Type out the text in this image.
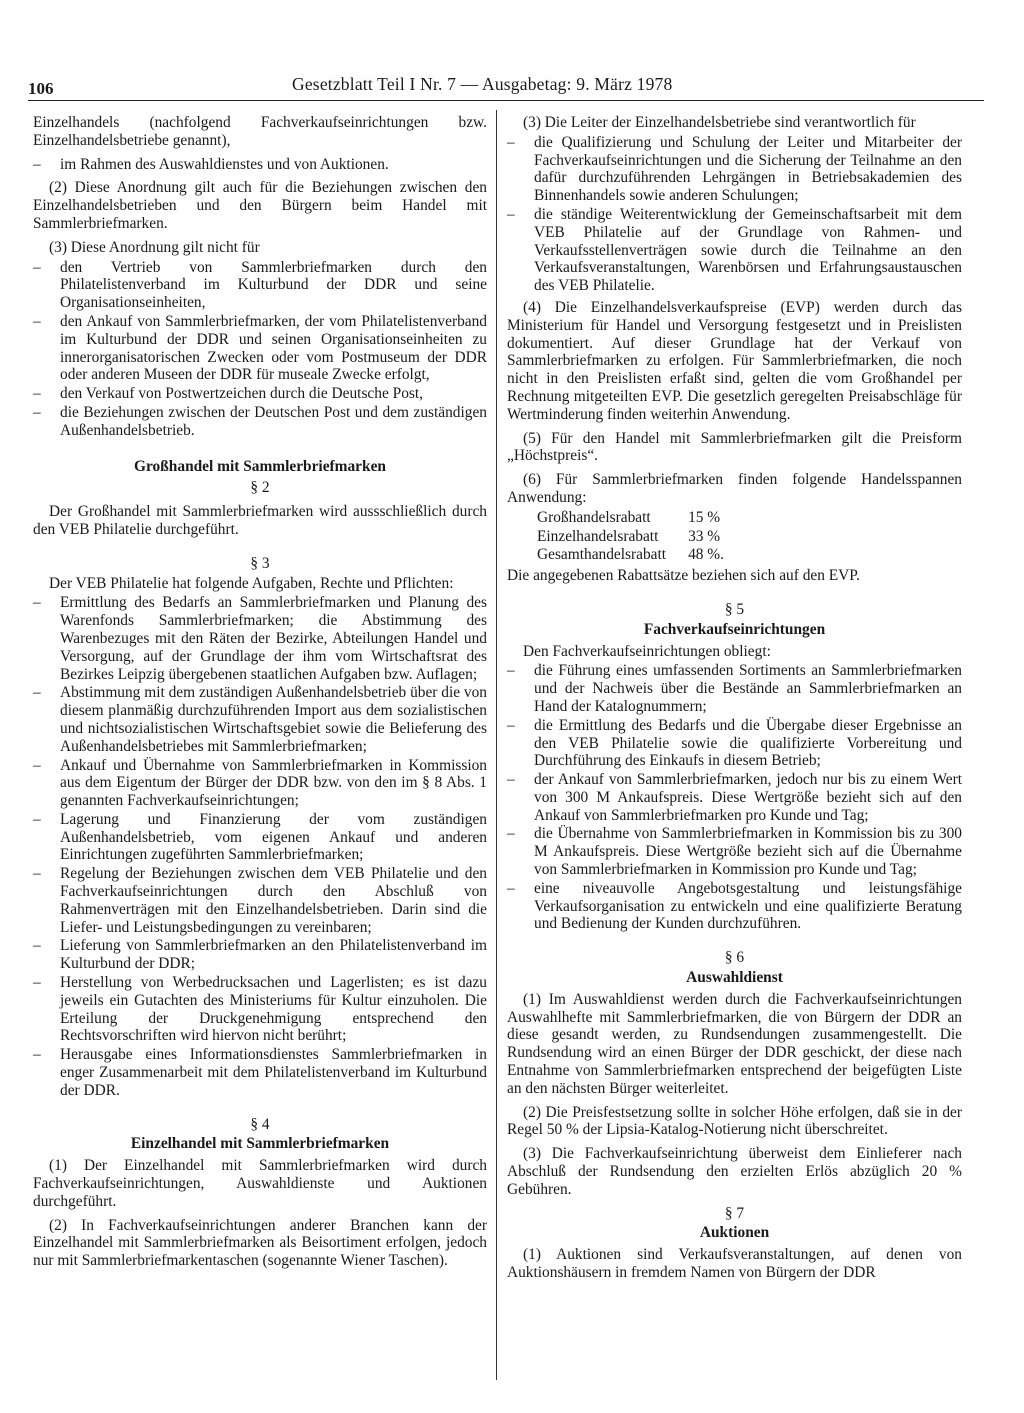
106	Gesetzblatt Teil I Nr. 7 — Ausgabetag: 9. März 1978

Einzelhandels (nachfolgend Fachverkaufseinrichtungen bzw. Einzelhandelsbetriebe genannt),

– im Rahmen des Auswahldienstes und von Auktionen.

(2) Diese Anordnung gilt auch für die Beziehungen zwischen den Einzelhandelsbetrieben und den Bürgern beim Handel mit Sammlerbriefmarken.

(3) Diese Anordnung gilt nicht für

– den Vertrieb von Sammlerbriefmarken durch den Philatelistenverband im Kulturbund der DDR und seine Organisationseinheiten,
– den Ankauf von Sammlerbriefmarken, der vom Philatelistenverband im Kulturbund der DDR und seinen Organisationseinheiten zu innerorganisatorischen Zwecken oder vom Postmuseum der DDR oder anderen Museen der DDR für museale Zwecke erfolgt,
– den Verkauf von Postwertzeichen durch die Deutsche Post,
– die Beziehungen zwischen der Deutschen Post und dem zuständigen Außenhandelsbetrieb.
Großhandel mit Sammlerbriefmarken
§ 2

Der Großhandel mit Sammlerbriefmarken wird aussschließlich durch den VEB Philatelie durchgeführt.

§ 3

Der VEB Philatelie hat folgende Aufgaben, Rechte und Pflichten:

– Ermittlung des Bedarfs an Sammlerbriefmarken und Planung des Warenfonds Sammlerbriefmarken; die Abstimmung des Warenbezuges mit den Räten der Bezirke, Abteilungen Handel und Versorgung, auf der Grundlage der ihm vom Wirtschaftsrat des Bezirkes Leipzig übergebenen staatlichen Aufgaben bzw. Auflagen;
– Abstimmung mit dem zuständigen Außenhandelsbetrieb über die von diesem planmäßig durchzuführenden Import aus dem sozialistischen und nichtsozialistischen Wirtschaftsgebiet sowie die Belieferung des Außenhandelsbetriebes mit Sammlerbriefmarken;
– Ankauf und Übernahme von Sammlerbriefmarken in Kommission aus dem Eigentum der Bürger der DDR bzw. von den im § 8 Abs. 1 genannten Fachverkaufseinrichtungen;
– Lagerung und Finanzierung der vom zuständigen Außenhandelsbetrieb, vom eigenen Ankauf und anderen Einrichtungen zugeführten Sammlerbriefmarken;
– Regelung der Beziehungen zwischen dem VEB Philatelie und den Fachverkaufseinrichtungen durch den Abschluß von Rahmenverträgen mit den Einzelhandelsbetrieben. Darin sind die Liefer- und Leistungsbedingungen zu vereinbaren;
– Lieferung von Sammlerbriefmarken an den Philatelistenverband im Kulturbund der DDR;
– Herstellung von Werbedrucksachen und Lagerlisten; es ist dazu jeweils ein Gutachten des Ministeriums für Kultur einzuholen. Die Erteilung der Druckgenehmigung entsprechend den Rechtsvorschriften wird hiervon nicht berührt;
– Herausgabe eines Informationsdienstes Sammlerbriefmarken in enger Zusammenarbeit mit dem Philatelistenverband im Kulturbund der DDR.
§ 4
Einzelhandel mit Sammlerbriefmarken

(1) Der Einzelhandel mit Sammlerbriefmarken wird durch Fachverkaufseinrichtungen, Auswahldienste und Auktionen durchgeführt.

(2) In Fachverkaufseinrichtungen anderer Branchen kann der Einzelhandel mit Sammlerbriefmarken als Beisortiment erfolgen, jedoch nur mit Sammlerbriefmarkentaschen (sogenannte Wiener Taschen).

(3) Die Leiter der Einzelhandelsbetriebe sind verantwortlich für

– die Qualifizierung und Schulung der Leiter und Mitarbeiter der Fachverkaufseinrichtungen und die Sicherung der Teilnahme an den dafür durchzuführenden Lehrgängen in Betriebsakademien des Binnenhandels sowie anderen Schulungen;
– die ständige Weiterentwicklung der Gemeinschaftsarbeit mit dem VEB Philatelie auf der Grundlage von Rahmen- und Verkaufsstellenverträgen sowie durch die Teilnahme an den Verkaufsveranstaltungen, Warenbörsen und Erfahrungsaustauschen des VEB Philatelie.

(4) Die Einzelhandelsverkaufspreise (EVP) werden durch das Ministerium für Handel und Versorgung festgesetzt und in Preislisten dokumentiert. Auf dieser Grundlage hat der Verkauf von Sammlerbriefmarken zu erfolgen. Für Sammlerbriefmarken, die noch nicht in den Preislisten erfaßt sind, gelten die vom Großhandel per Rechnung mitgeteilten EVP. Die gesetzlich geregelten Preisabschläge für Wertminderung finden weiterhin Anwendung.

(5) Für den Handel mit Sammlerbriefmarken gilt die Preisform „Höchstpreis“.

(6) Für Sammlerbriefmarken finden folgende Handelsspannen Anwendung:

Großhandelsrabatt	15 %
Einzelhandelsrabatt	33 %
Gesamthandelsrabatt	48 %.

Die angegebenen Rabattsätze beziehen sich auf den EVP.

§ 5
Fachverkaufseinrichtungen

Den Fachverkaufseinrichtungen obliegt:

– die Führung eines umfassenden Sortiments an Sammlerbriefmarken und der Nachweis über die Bestände an Sammlerbriefmarken an Hand der Katalognummern;
– die Ermittlung des Bedarfs und die Übergabe dieser Ergebnisse an den VEB Philatelie sowie die qualifizierte Vorbereitung und Durchführung des Einkaufs in diesem Betrieb;
– der Ankauf von Sammlerbriefmarken, jedoch nur bis zu einem Wert von 300 M Ankaufspreis. Diese Wertgröße bezieht sich auf den Ankauf von Sammlerbriefmarken pro Kunde und Tag;
– die Übernahme von Sammlerbriefmarken in Kommission bis zu 300 M Ankaufspreis. Diese Wertgröße bezieht sich auf die Übernahme von Sammlerbriefmarken in Kommission pro Kunde und Tag;
– eine niveauvolle Angebotsgestaltung und leistungsfähige Verkaufsorganisation zu entwickeln und eine qualifizierte Beratung und Bedienung der Kunden durchzuführen.
§ 6
Auswahldienst

(1) Im Auswahldienst werden durch die Fachverkaufseinrichtungen Auswahlhefte mit Sammlerbriefmarken, die von Bürgern der DDR an diese gesandt werden, zu Rundsendungen zusammengestellt. Die Rundsendung wird an einen Bürger der DDR geschickt, der diese nach Entnahme von Sammlerbriefmarken entsprechend der beigefügten Liste an den nächsten Bürger weiterleitet.

(2) Die Preisfestsetzung sollte in solcher Höhe erfolgen, daß sie in der Regel 50 % der Lipsia-Katalog-Notierung nicht überschreitet.

(3) Die Fachverkaufseinrichtung überweist dem Einlieferer nach Abschluß der Rundsendung den erzielten Erlös abzüglich 20 % Gebühren.

§ 7
Auktionen

(1) Auktionen sind Verkaufsveranstaltungen, auf denen von Auktionshäusern in fremdem Namen von Bürgern der DDR
